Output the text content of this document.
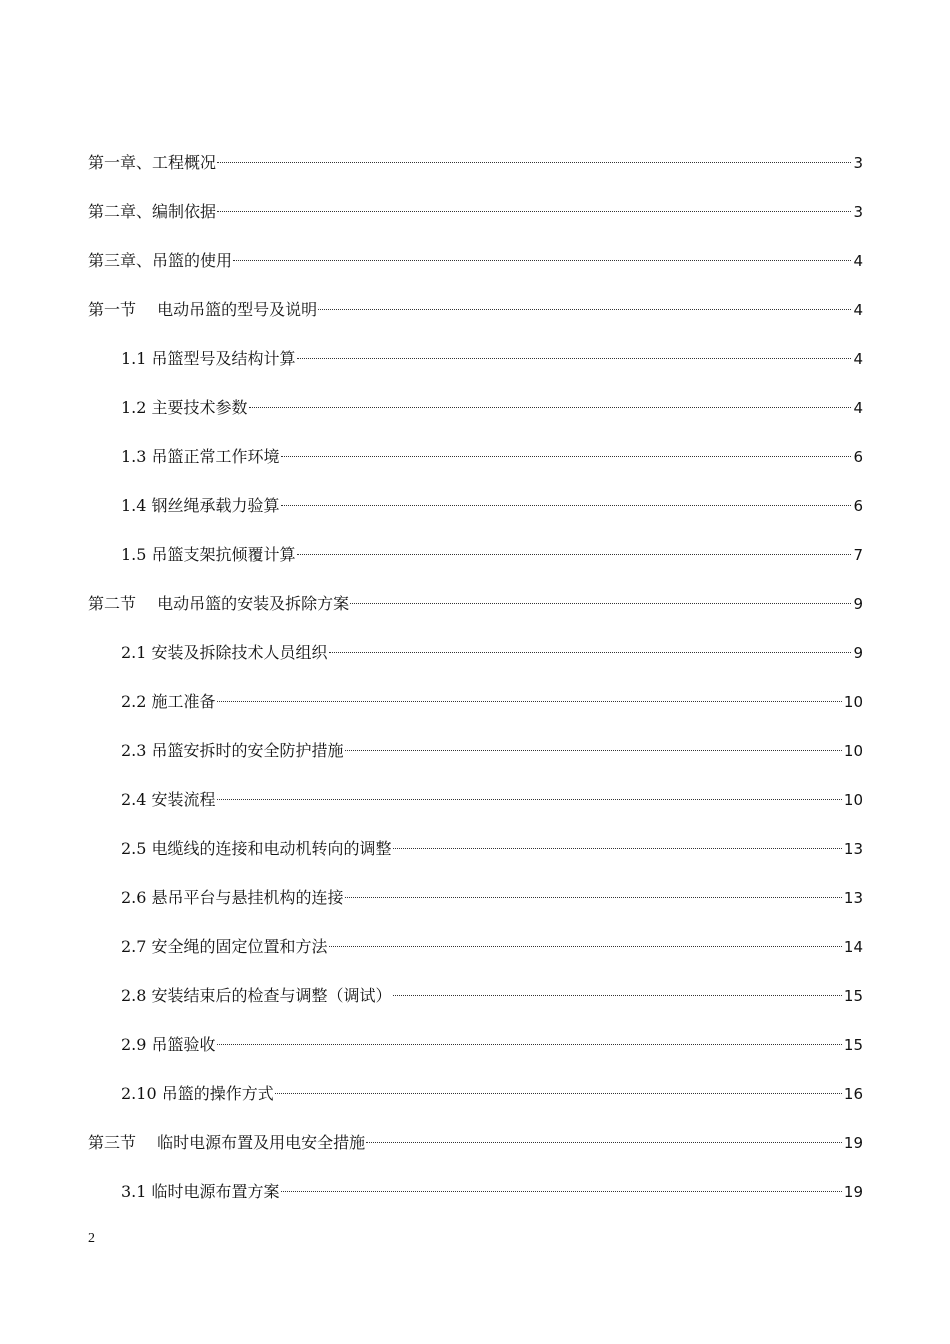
第一章、工程概况	3
第二章、编制依据	3
第三章、吊篮的使用	4
第一节　 电动吊篮的型号及说明	4
1.1 吊篮型号及结构计算	4
1.2 主要技术参数	4
1.3 吊篮正常工作环境	6
1.4 钢丝绳承载力验算	6
1.5 吊篮支架抗倾覆计算	7
第二节　 电动吊篮的安装及拆除方案	9
2.1 安装及拆除技术人员组织	9
2.2 施工准备	10
2.3 吊篮安拆时的安全防护措施	10
2.4 安装流程	10
2.5 电缆线的连接和电动机转向的调整	13
2.6 悬吊平台与悬挂机构的连接	13
2.7 安全绳的固定位置和方法	14
2.8 安装结束后的检查与调整（调试）	15
2.9 吊篮验收	15
2.10 吊篮的操作方式	16
第三节　 临时电源布置及用电安全措施	19
3.1 临时电源布置方案	19
2
